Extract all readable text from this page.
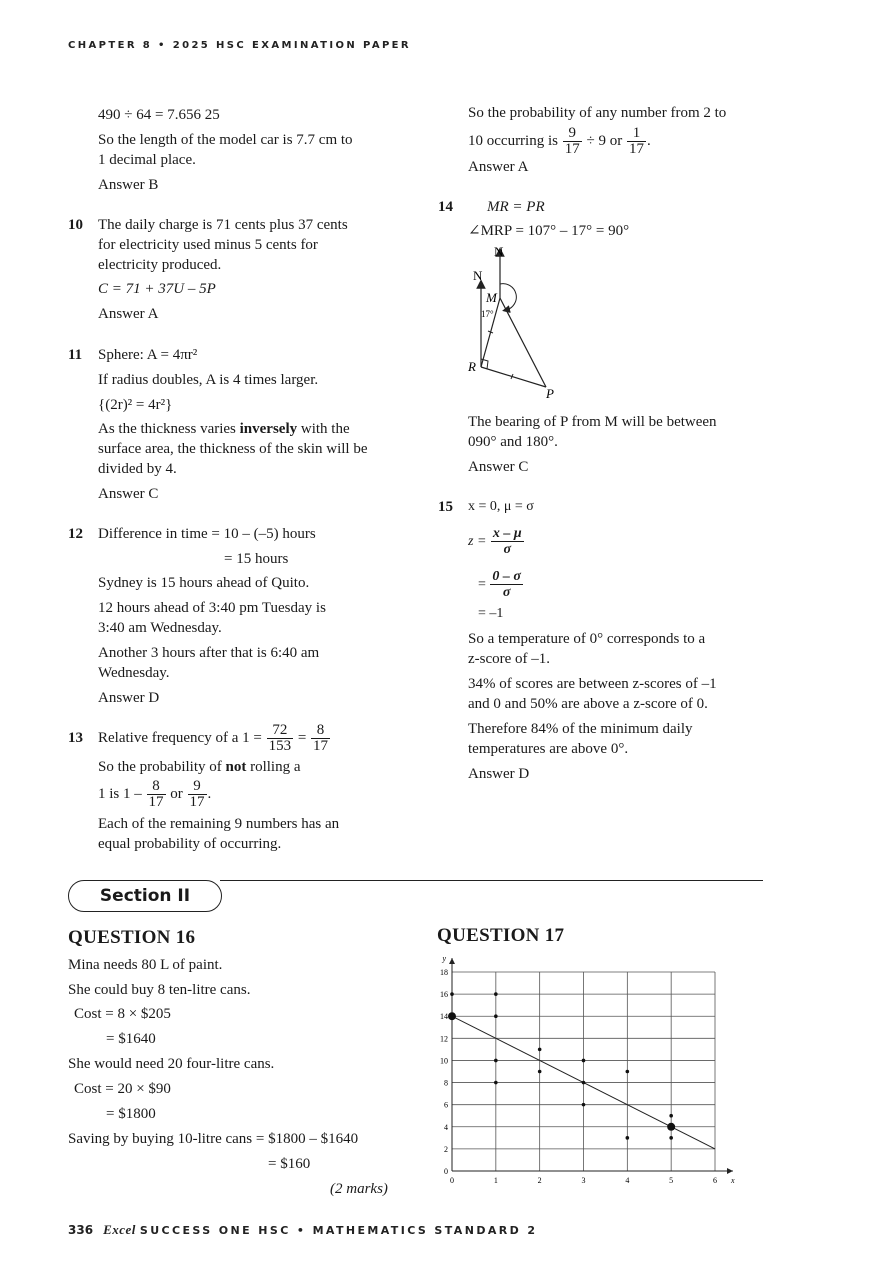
CHAPTER 8 • 2025 HSC EXAMINATION PAPER
490 ÷ 64 = 7.656 25
So the length of the model car is 7.7 cm to
1 decimal place.
Answer B
10 The daily charge is 71 cents plus 37 cents
for electricity used minus 5 cents for
electricity produced.
C = 71 + 37U – 5P
Answer A
11 Sphere: A = 4πr²
If radius doubles, A is 4 times larger.
{(2r)² = 4r²}
As the thickness varies inversely with the
surface area, the thickness of the skin will be
divided by 4.
Answer C
12 Difference in time = 10 – (–5) hours
= 15 hours
Sydney is 15 hours ahead of Quito.
12 hours ahead of 3:40 pm Tuesday is
3:40 am Wednesday.
Another 3 hours after that is 6:40 am
Wednesday.
Answer D
13 Relative frequency of a $1 = \frac{72}{153} = \frac{8}{17}$
So the probability of not rolling a
1 is $1 - \frac{8}{17}$ or $\frac{9}{17}$ .
Each of the remaining 9 numbers has an
equal probability of occurring.
So the probability of any number from 2 to
10 occurring is $\frac{9}{17} \div 9$ or $\frac{1}{17}$ .
Answer A
14 MR = PR
∠MRP = 107° – 17° = 90°
N
N
M
17°
R
P
The bearing of P from M will be between
090° and 180°.
Answer C
15 x = 0, μ = σ
$z = \frac{x - \mu}{\sigma}$
= $\frac{0 - \sigma}{\sigma}$
= –1
So a temperature of 0° corresponds to a
z-score of –1.
34% of scores are between z-scores of –1
and 0 and 50% are above a z-score of 0.
Therefore 84% of the minimum daily
temperatures are above 0°.
Answer D
Section II
QUESTION 16
Mina needs 80 L of paint.
She could buy 8 ten-litre cans.
Cost = 8 × $205
= $1640
She would need 20 four-litre cans.
Cost = 20 × $90
= $1800
Saving by buying 10-litre cans = $1800 – $1640
= $160
(2 marks)
QUESTION 17
0	1	2	3	4	5	6
0
2
4
6
8
10
12
14
16
18
x
y
336 Excel SUCCESS ONE HSC • MATHEMATICS STANDARD 2
